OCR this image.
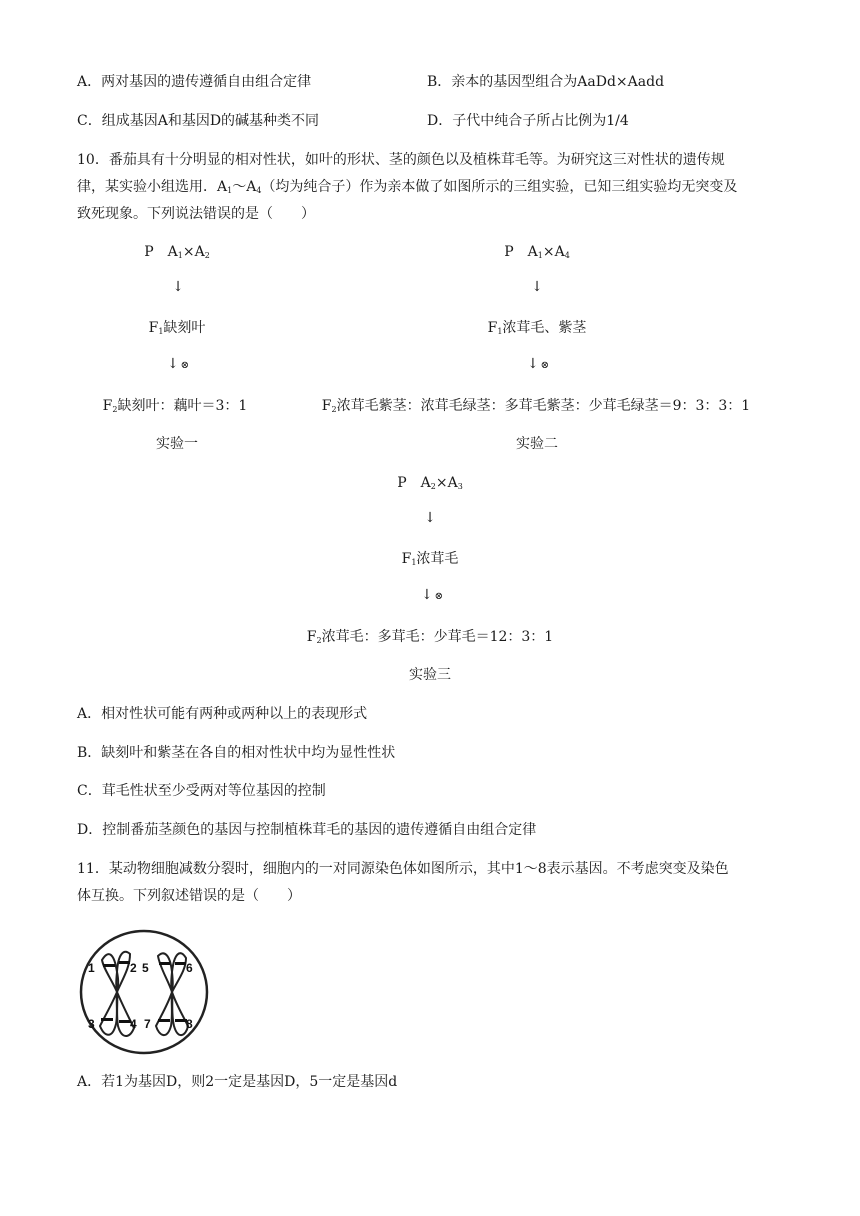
A．两对基因的遗传遵循自由组合定律	B．亲本的基因型组合为AaDd×Aadd
C．组成基因A和基因D的碱基种类不同	D．子代中纯合子所占比例为1/4
10．番茄具有十分明显的相对性状，如叶的形状、茎的颜色以及植株茸毛等。为研究这三对性状的遗传规
律，某实验小组选用．$A_1\sim A_4$（均为纯合子）作为亲本做了如图所示的三组实验，已知三组实验均无突变及
致死现象。下列说法错误的是（　　）
P　$A_1\times A_2$
↓
$F_1$缺刻叶
↓ ⊗
$F_2$缺刻叶：藕叶＝3：1
实验一
P　$A_1\times A_4$
↓
$F_1$浓茸毛、紫茎
↓ ⊗
$F_2$浓茸毛紫茎：浓茸毛绿茎：多茸毛紫茎：少茸毛绿茎＝9：3：3：1
实验二
P　$A_2\times A_3$
↓
$F_1$浓茸毛
↓ ⊗
$F_2$浓茸毛：多茸毛：少茸毛＝12：3：1
实验三
A．相对性状可能有两种或两种以上的表现形式
B．缺刻叶和紫茎在各自的相对性状中均为显性性状
C．茸毛性状至少受两对等位基因的控制
D．控制番茄茎颜色的基因与控制植株茸毛的基因的遗传遵循自由组合定律
11．某动物细胞减数分裂时，细胞内的一对同源染色体如图所示，其中1～8表示基因。不考虑突变及染色
体互换。下列叙述错误的是（　　）
1	2
3	4
5	6
7	8
A．若1为基因D，则2一定是基因D，5一定是基因d
